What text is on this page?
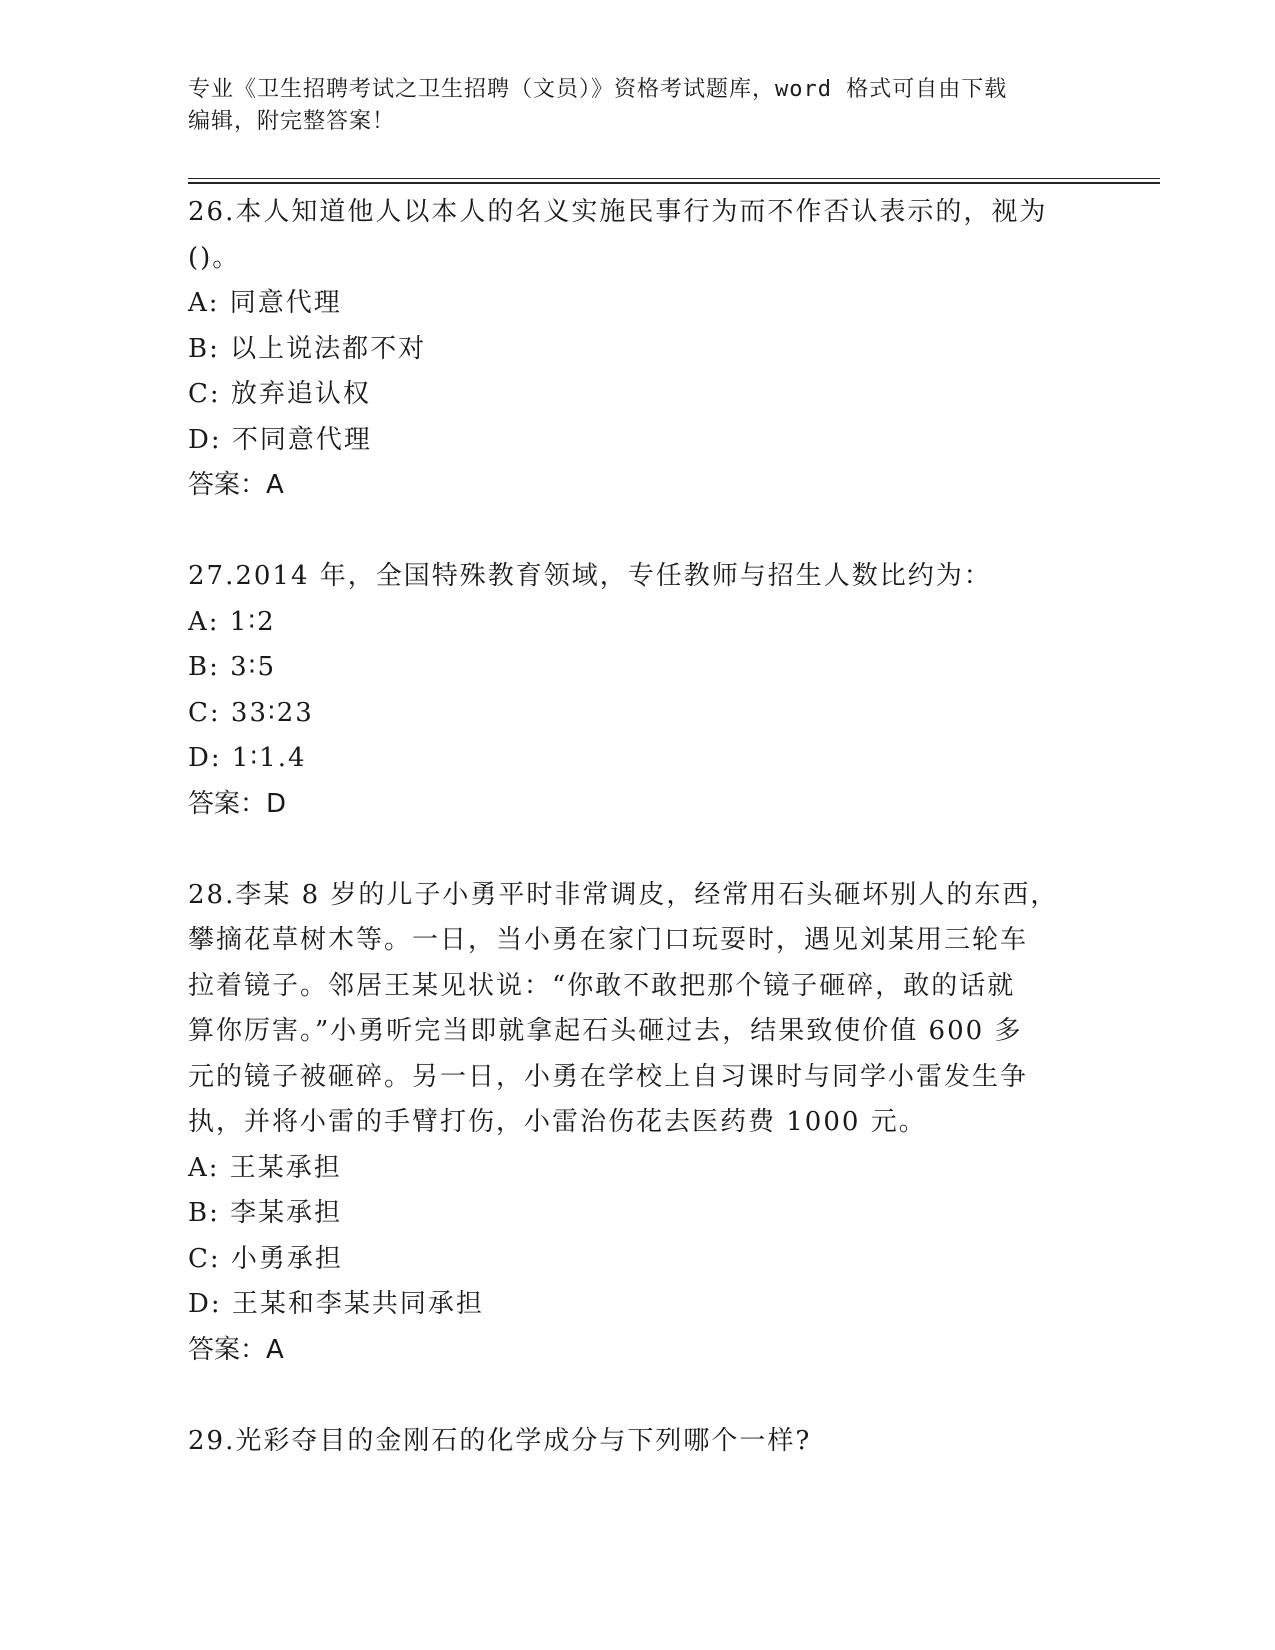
专业《卫生招聘考试之卫生招聘（文员）》资格考试题库，word 格式可自由下载
编辑，附完整答案！
26.本人知道他人以本人的名义实施民事行为而不作否认表示的，视为
()。
A: 同意代理
B: 以上说法都不对
C: 放弃追认权
D: 不同意代理
答案：A
27.2014 年，全国特殊教育领域，专任教师与招生人数比约为：
A: 1∶2
B: 3∶5
C: 33∶23
D: 1∶1.4
答案：D
28.李某 8 岁的儿子小勇平时非常调皮，经常用石头砸坏别人的东西，
攀摘花草树木等。一日，当小勇在家门口玩耍时，遇见刘某用三轮车
拉着镜子。邻居王某见状说：“你敢不敢把那个镜子砸碎，敢的话就
算你厉害。”小勇听完当即就拿起石头砸过去，结果致使价值 600 多
元的镜子被砸碎。另一日，小勇在学校上自习课时与同学小雷发生争
执，并将小雷的手臂打伤，小雷治伤花去医药费 1000 元。
A: 王某承担
B: 李某承担
C: 小勇承担
D: 王某和李某共同承担
答案：A
29.光彩夺目的金刚石的化学成分与下列哪个一样?
